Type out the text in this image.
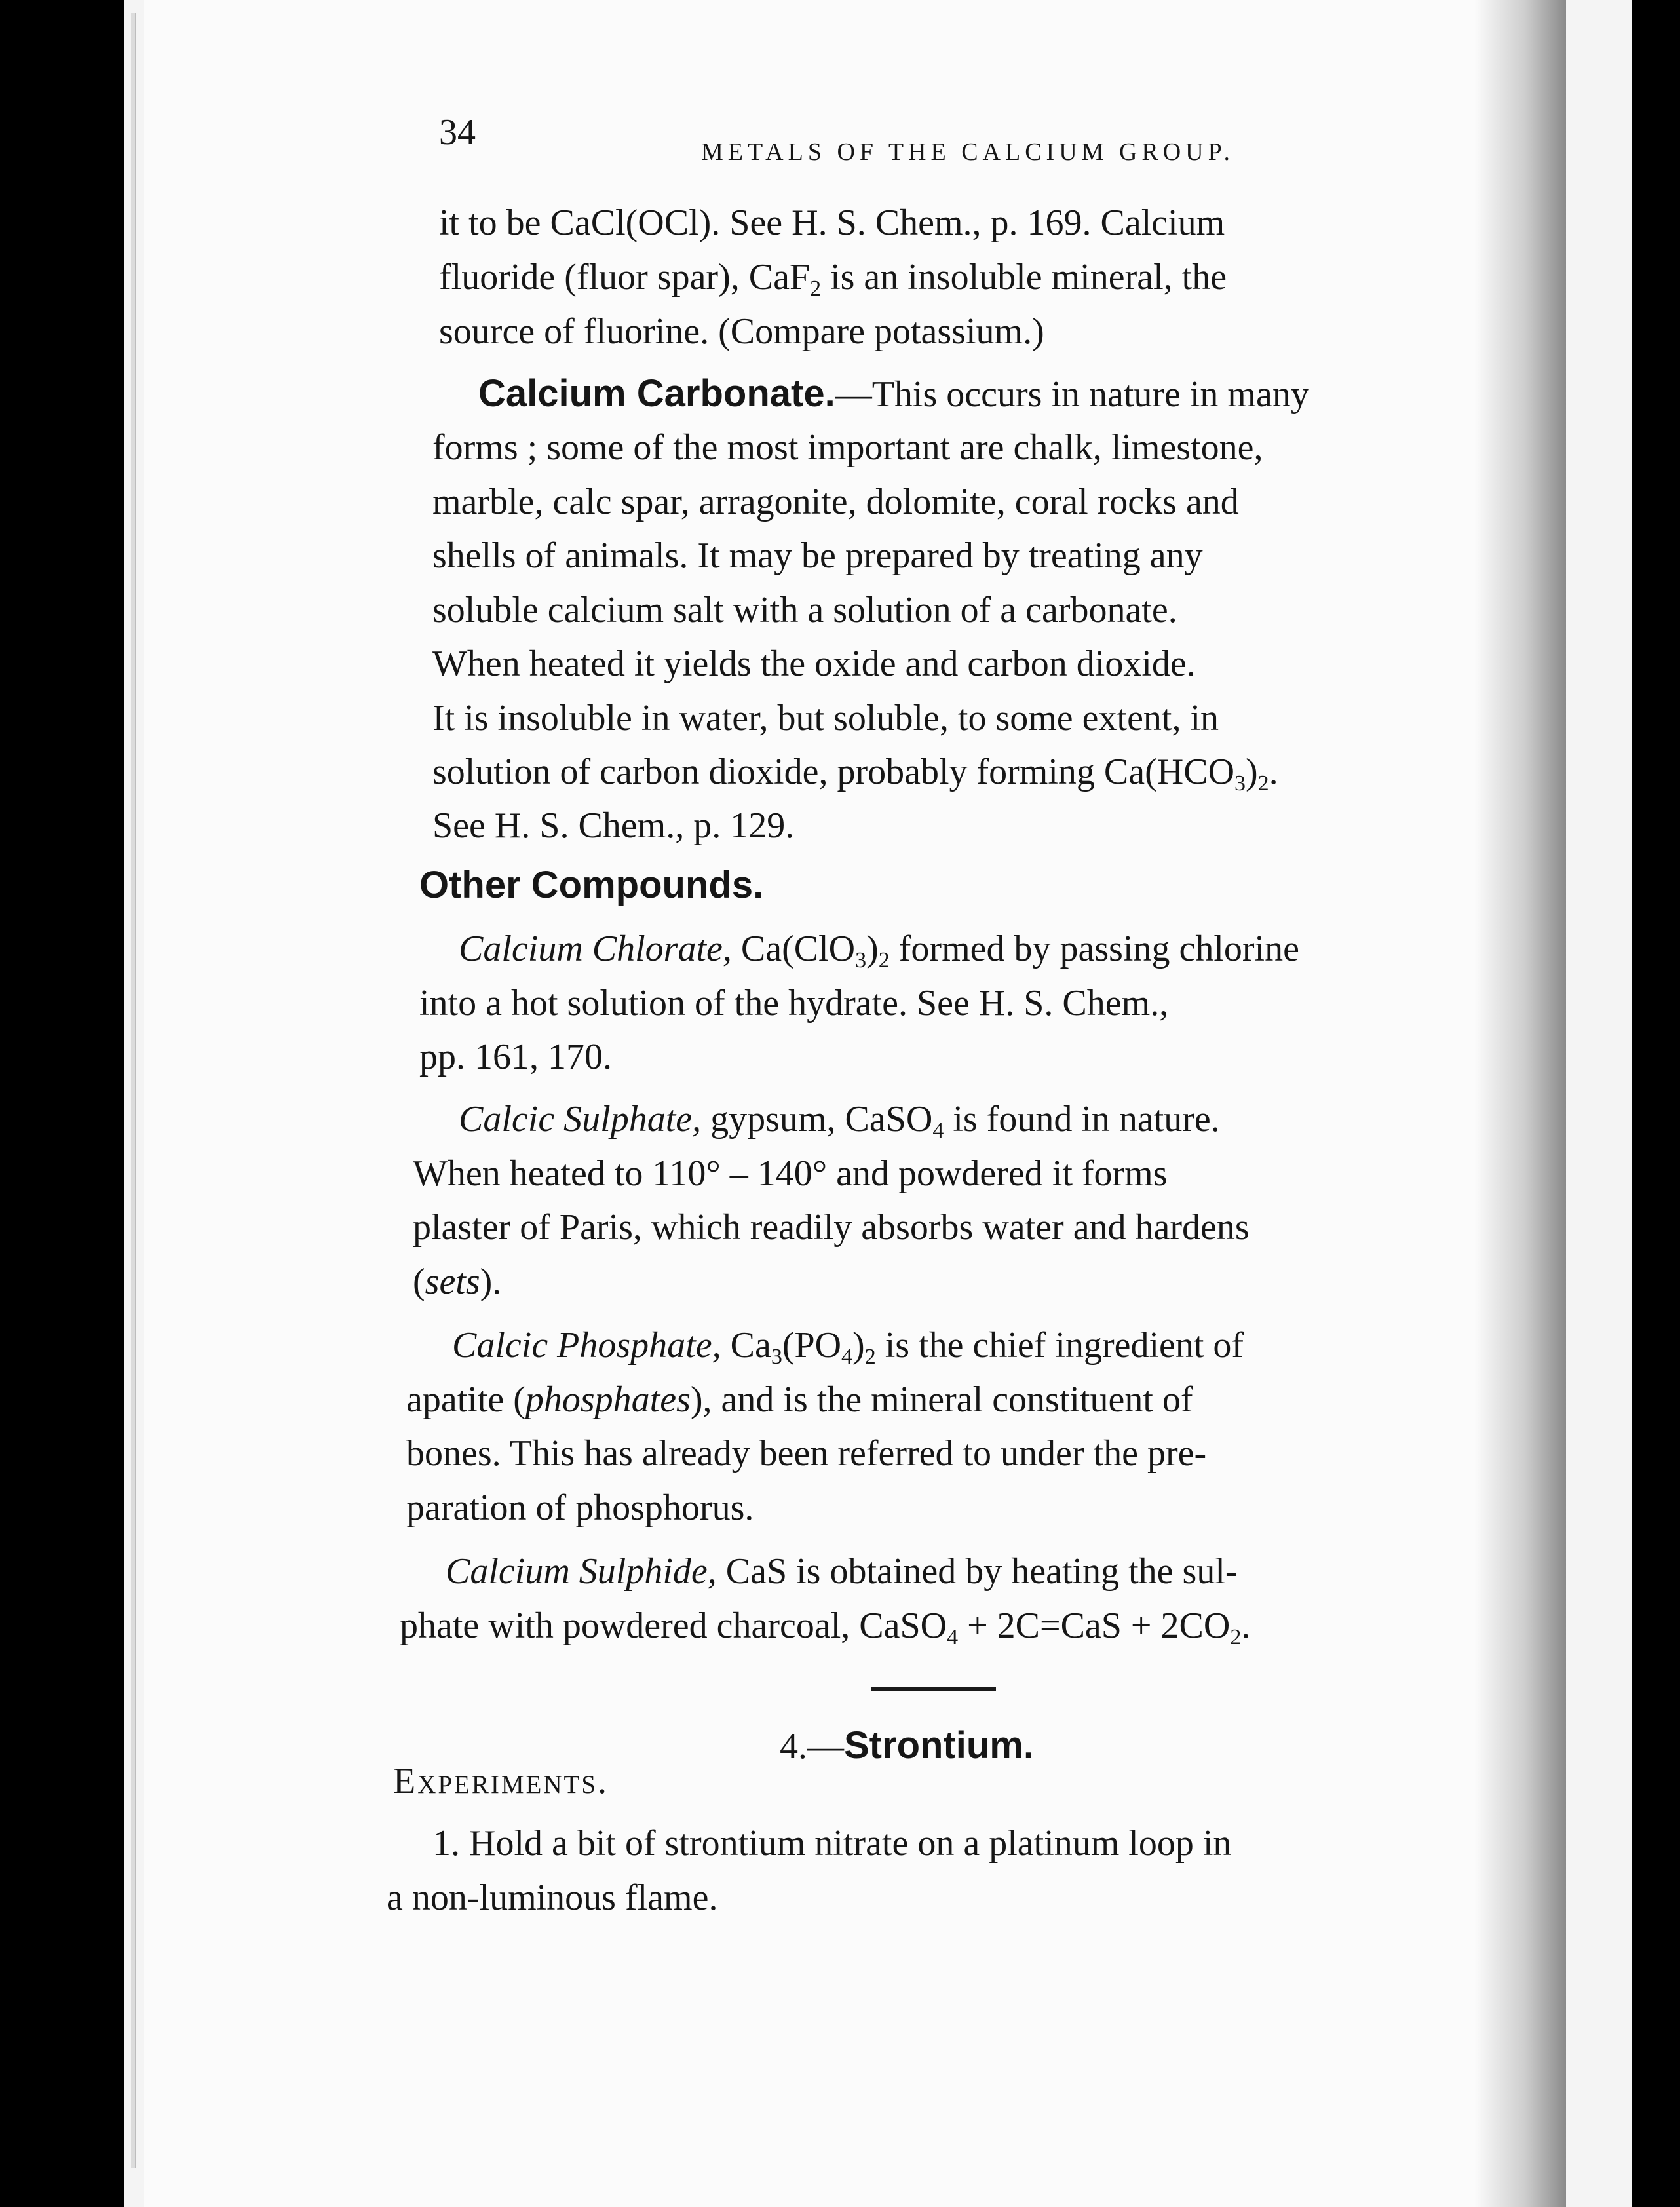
34	METALS OF THE CALCIUM GROUP.
it to be CaCl(OCl). See H. S. Chem., p. 169. Calcium
fluoride (fluor spar), CaF$_2$ is an insoluble mineral, the
source of fluorine. (Compare potassium.)
Calcium Carbonate.—This occurs in nature in many
forms ; some of the most important are chalk, limestone,
marble, calc spar, arragonite, dolomite, coral rocks and
shells of animals. It may be prepared by treating any
soluble calcium salt with a solution of a carbonate.
When heated it yields the oxide and carbon dioxide.
It is insoluble in water, but soluble, to some extent, in
solution of carbon dioxide, probably forming $Ca(HCO_3)_2$.
See H. S. Chem., p. 129.
Other Compounds.
Calcium Chlorate, $Ca(ClO_3)_2$ formed by passing chlorine
into a hot solution of the hydrate. See H. S. Chem.,
pp. 161, 170.
Calcic Sulphate, gypsum, CaSO$_4$ is found in nature.
When heated to 110° – 140° and powdered it forms
plaster of Paris, which readily absorbs water and hardens
(sets).
Calcic Phosphate, $Ca_3(PO_4)_2$ is the chief ingredient of
apatite (phosphates), and is the mineral constituent of
bones. This has already been referred to under the pre-
paration of phosphorus.
Calcium Sulphide, CaS is obtained by heating the sul-
phate with powdered charcoal, CaSO$_4$ + $2C=CaS + 2CO_2$.
4.—Strontium.
Experiments.
1. Hold a bit of strontium nitrate on a platinum loop in
a non-luminous flame.
